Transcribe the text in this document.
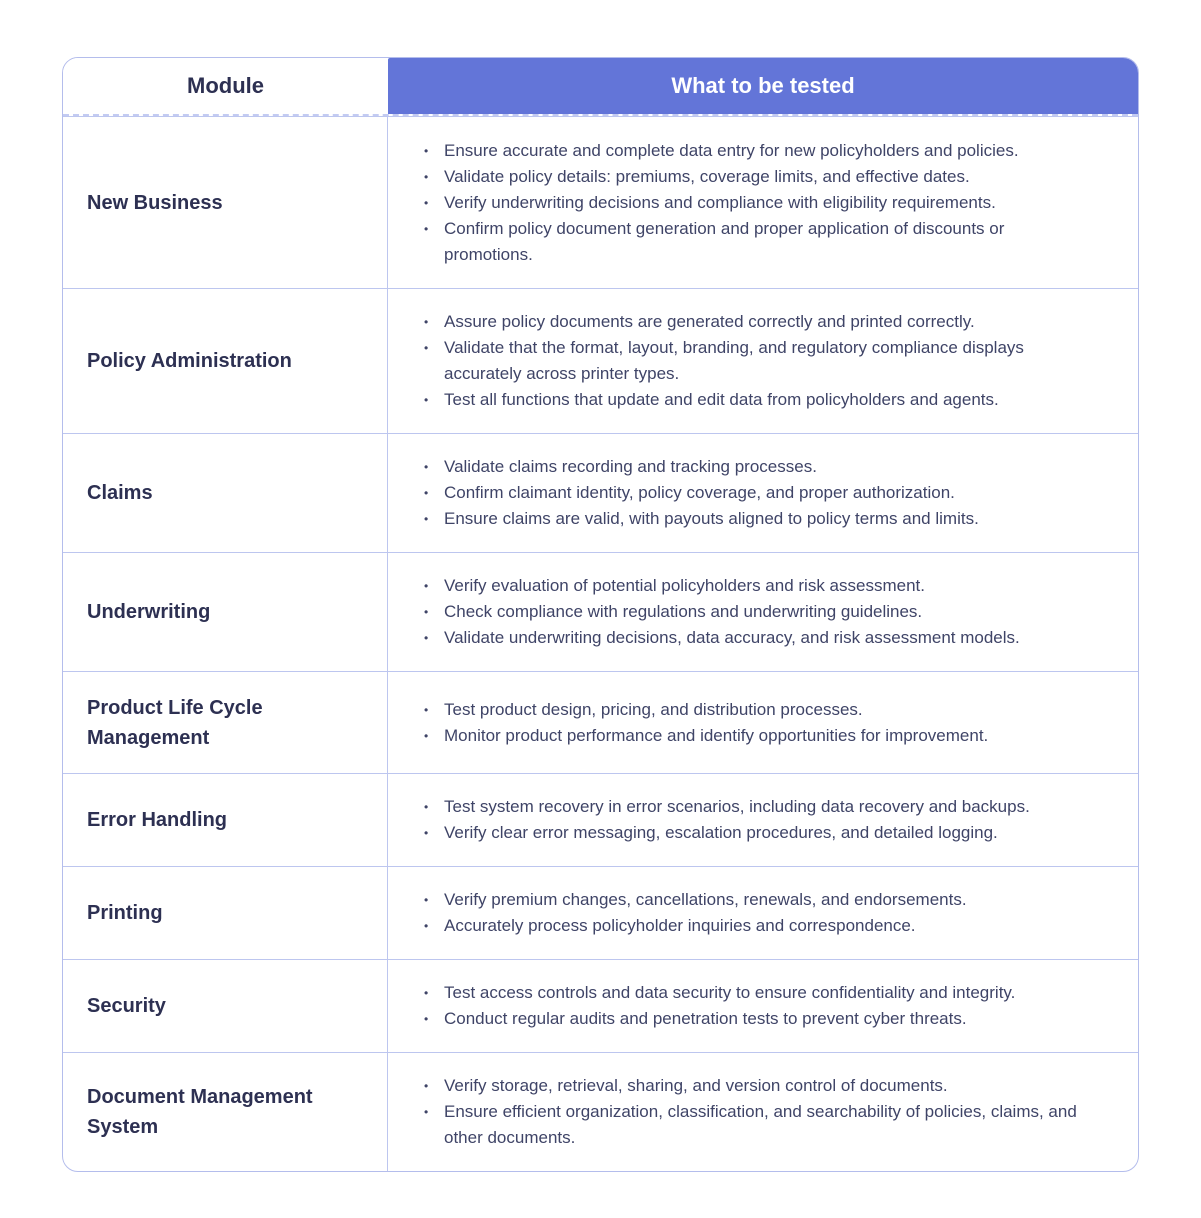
Module	What to be tested
New Business
• Ensure accurate and complete data entry for new policyholders and policies.
• Validate policy details: premiums, coverage limits, and effective dates.
• Verify underwriting decisions and compliance with eligibility requirements.
• Confirm policy document generation and proper application of discounts or promotions.
Policy Administration
• Assure policy documents are generated correctly and printed correctly.
• Validate that the format, layout, branding, and regulatory compliance displays accurately across printer types.
• Test all functions that update and edit data from policyholders and agents.
Claims
• Validate claims recording and tracking processes.
• Confirm claimant identity, policy coverage, and proper authorization.
• Ensure claims are valid, with payouts aligned to policy terms and limits.
Underwriting
• Verify evaluation of potential policyholders and risk assessment.
• Check compliance with regulations and underwriting guidelines.
• Validate underwriting decisions, data accuracy, and risk assessment models.
Product Life Cycle Management
• Test product design, pricing, and distribution processes.
• Monitor product performance and identify opportunities for improvement.
Error Handling
• Test system recovery in error scenarios, including data recovery and backups.
• Verify clear error messaging, escalation procedures, and detailed logging.
Printing
• Verify premium changes, cancellations, renewals, and endorsements.
• Accurately process policyholder inquiries and correspondence.
Security
• Test access controls and data security to ensure confidentiality and integrity.
• Conduct regular audits and penetration tests to prevent cyber threats.
Document Management System
• Verify storage, retrieval, sharing, and version control of documents.
• Ensure efficient organization, classification, and searchability of policies, claims, and other documents.
